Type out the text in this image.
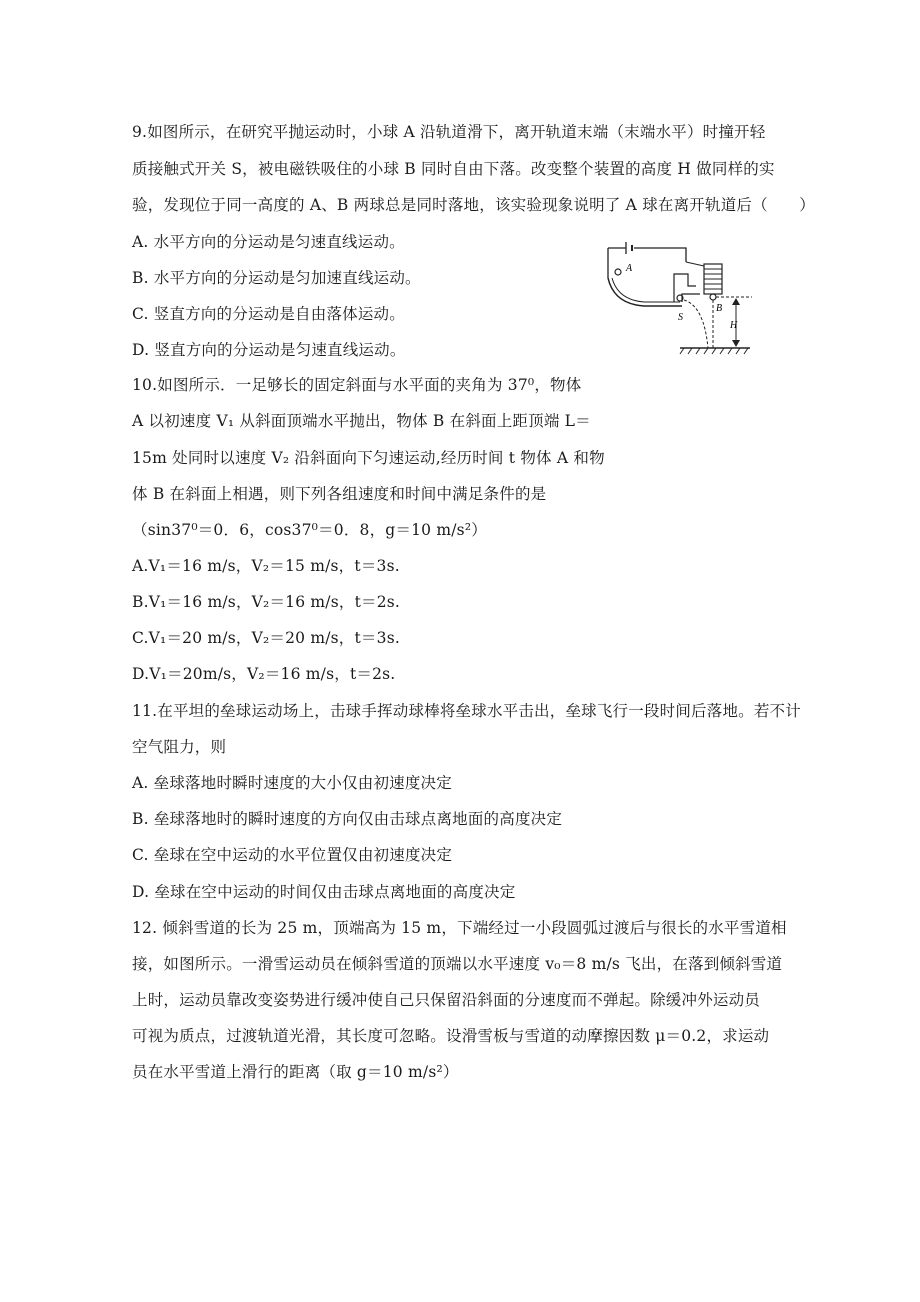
9.如图所示，在研究平抛运动时，小球 A 沿轨道滑下，离开轨道末端（末端水平）时撞开轻
质接触式开关 S，被电磁铁吸住的小球 B 同时自由下落。改变整个装置的高度 H 做同样的实
验，发现位于同一高度的 A、B 两球总是同时落地，该实验现象说明了 A 球在离开轨道后（　　）
A. 水平方向的分运动是匀速直线运动。
B. 水平方向的分运动是匀加速直线运动。
C. 竖直方向的分运动是自由落体运动。
D. 竖直方向的分运动是匀速直线运动。
A
B
S
H
10.如图所示．一足够长的固定斜面与水平面的夹角为 37⁰，物体
A 以初速度 V₁ 从斜面顶端水平抛出，物体 B 在斜面上距顶端 L＝
15m 处同时以速度 V₂ 沿斜面向下匀速运动,经历时间 t 物体 A 和物
体 B 在斜面上相遇，则下列各组速度和时间中满足条件的是
（sin37⁰＝0．6，cos37⁰＝0．8，g＝10 m/s²）
A.V₁＝16 m/s，V₂＝15 m/s，t＝3s.
B.V₁＝16 m/s，V₂＝16 m/s，t＝2s.
C.V₁＝20 m/s，V₂＝20 m/s，t＝3s.
D.V₁＝20m/s，V₂＝16 m/s，t＝2s.
11.在平坦的垒球运动场上，击球手挥动球棒将垒球水平击出，垒球飞行一段时间后落地。若不计
空气阻力，则
A. 垒球落地时瞬时速度的大小仅由初速度决定
B. 垒球落地时的瞬时速度的方向仅由击球点离地面的高度决定
C. 垒球在空中运动的水平位置仅由初速度决定
D. 垒球在空中运动的时间仅由击球点离地面的高度决定
12. 倾斜雪道的长为 25 m，顶端高为 15 m，下端经过一小段圆弧过渡后与很长的水平雪道相
接，如图所示。一滑雪运动员在倾斜雪道的顶端以水平速度 v₀＝8 m/s 飞出，在落到倾斜雪道
上时，运动员靠改变姿势进行缓冲使自己只保留沿斜面的分速度而不弹起。除缓冲外运动员
可视为质点，过渡轨道光滑，其长度可忽略。设滑雪板与雪道的动摩擦因数 μ＝0.2，求运动
员在水平雪道上滑行的距离（取 g＝10 m/s²）
